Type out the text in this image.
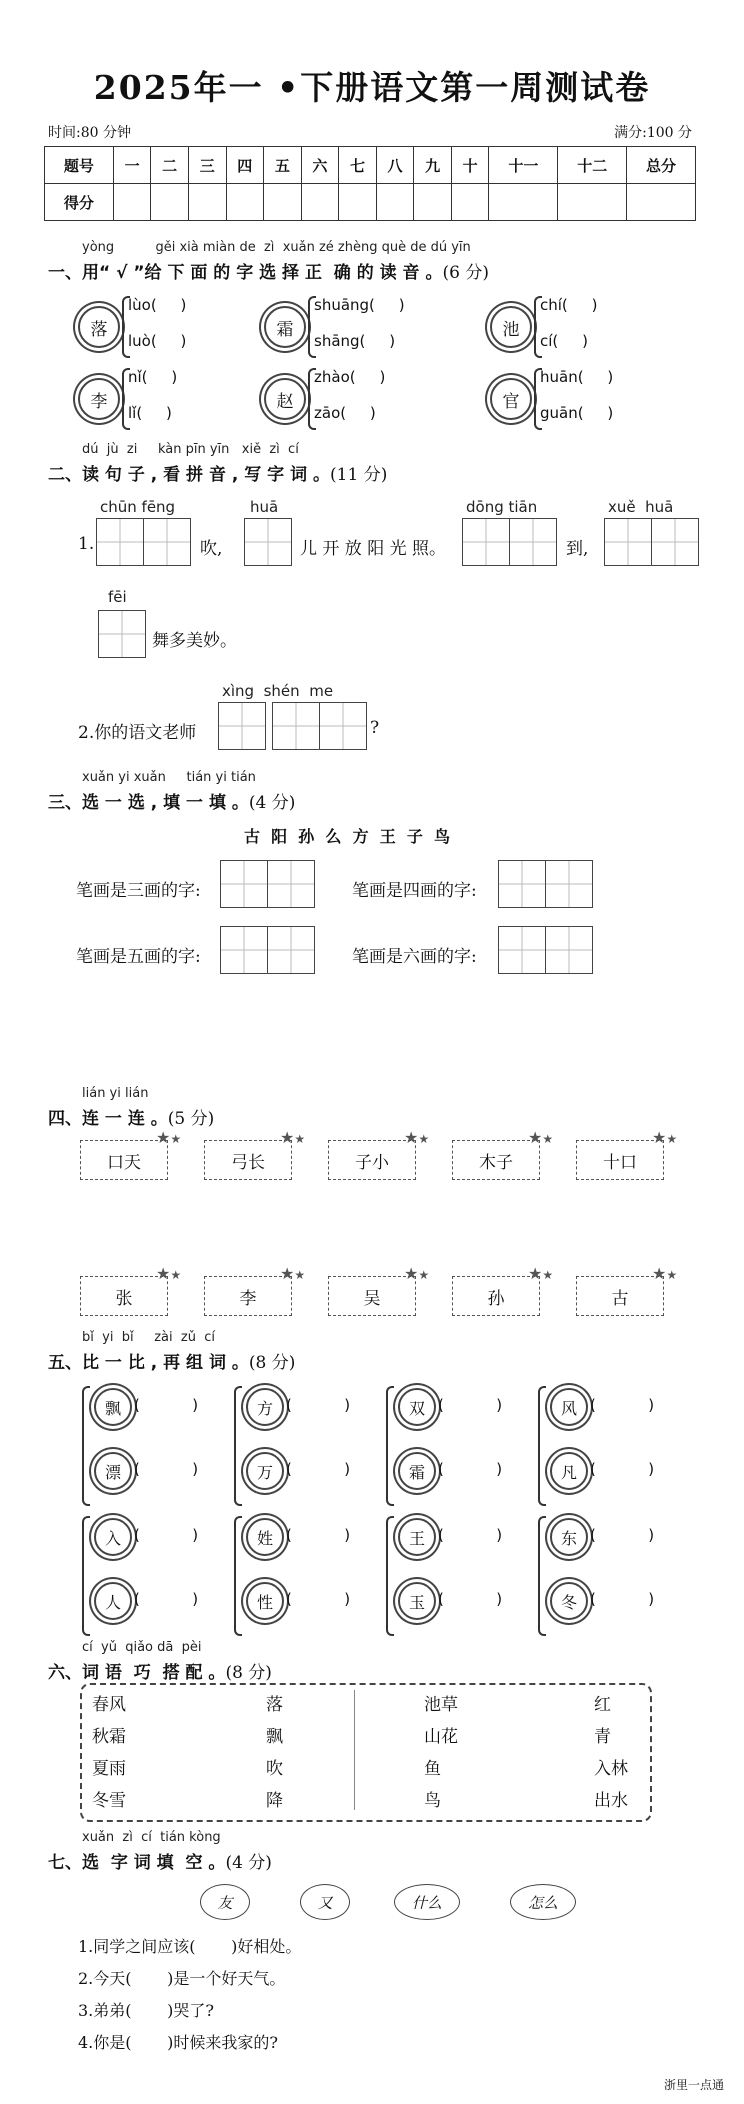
2025年一 •下册语文第一周测试卷
时间:80 分钟	满分:100 分
题号	一	二	三	四	五	六	七	八	九	十	十一	十二	总分
得分													
yòng          gěi xià miàn de  zì  xuǎn zé zhèng què de dú yīn
一、用“ √ ”给 下 面 的 字 选 择 正  确 的 读 音 。(6 分)
落
lùo(     )
luò(     )
霜
shuāng(     )
shāng(     )
池
chí(     )
cí(     )
李
nǐ(     )
lǐ(     )
赵
zhào(     )
zāo(     )
官
huān(     )
guān(     )
dú  jù  zi     kàn pīn yīn   xiě  zì  cí
二、读 句 子 , 看 拼 音 , 写 字 词 。(11 分)
chūn fēng	huā	dōng tiān	xuě  huā
1.	吹,	儿 开 放 阳 光 照。	到,
fēi
舞多美妙。
xìng  shén  me
2.你的语文老师	?
xuǎn yi xuǎn     tián yi tián
三、选 一 选 , 填 一 填 。(4 分)
古  阳  孙  么  方  王  子  鸟
笔画是三画的字:	笔画是四画的字:
笔画是五画的字:	笔画是六画的字:
lián yi lián
四、连 一 连 。(5 分)
口天
★★
弓长
★★
子小
★★
木子
★★
十口
★★
张
★★
李
★★
吴
★★
孙
★★
古
★★
bǐ  yi  bǐ     zài  zǔ  cí
五、比 一 比 , 再 组 词 。(8 分)
飘
漂
(           )
(           )
方
万
(           )
(           )
双
霜
(           )
(           )
风
凡
(           )
(           )
入
人
(           )
(           )
姓
性
(           )
(           )
王
玉
(           )
(           )
东
冬
(           )
(           )
cí  yǔ  qiǎo dā  pèi
六、词 语  巧  搭 配 。(8 分)
春风	落	池草	红
秋霜	飘	山花	青
夏雨	吹	鱼	入林
冬雪	降	鸟	出水
xuǎn  zì  cí  tián kòng
七、选  字 词 填  空 。(4 分)
友	又	什么	怎么
1.同学之间应该(       )好相处。
2.今天(       )是一个好天气。
3.弟弟(       )哭了?
4.你是(       )时候来我家的?
浙里一点通
